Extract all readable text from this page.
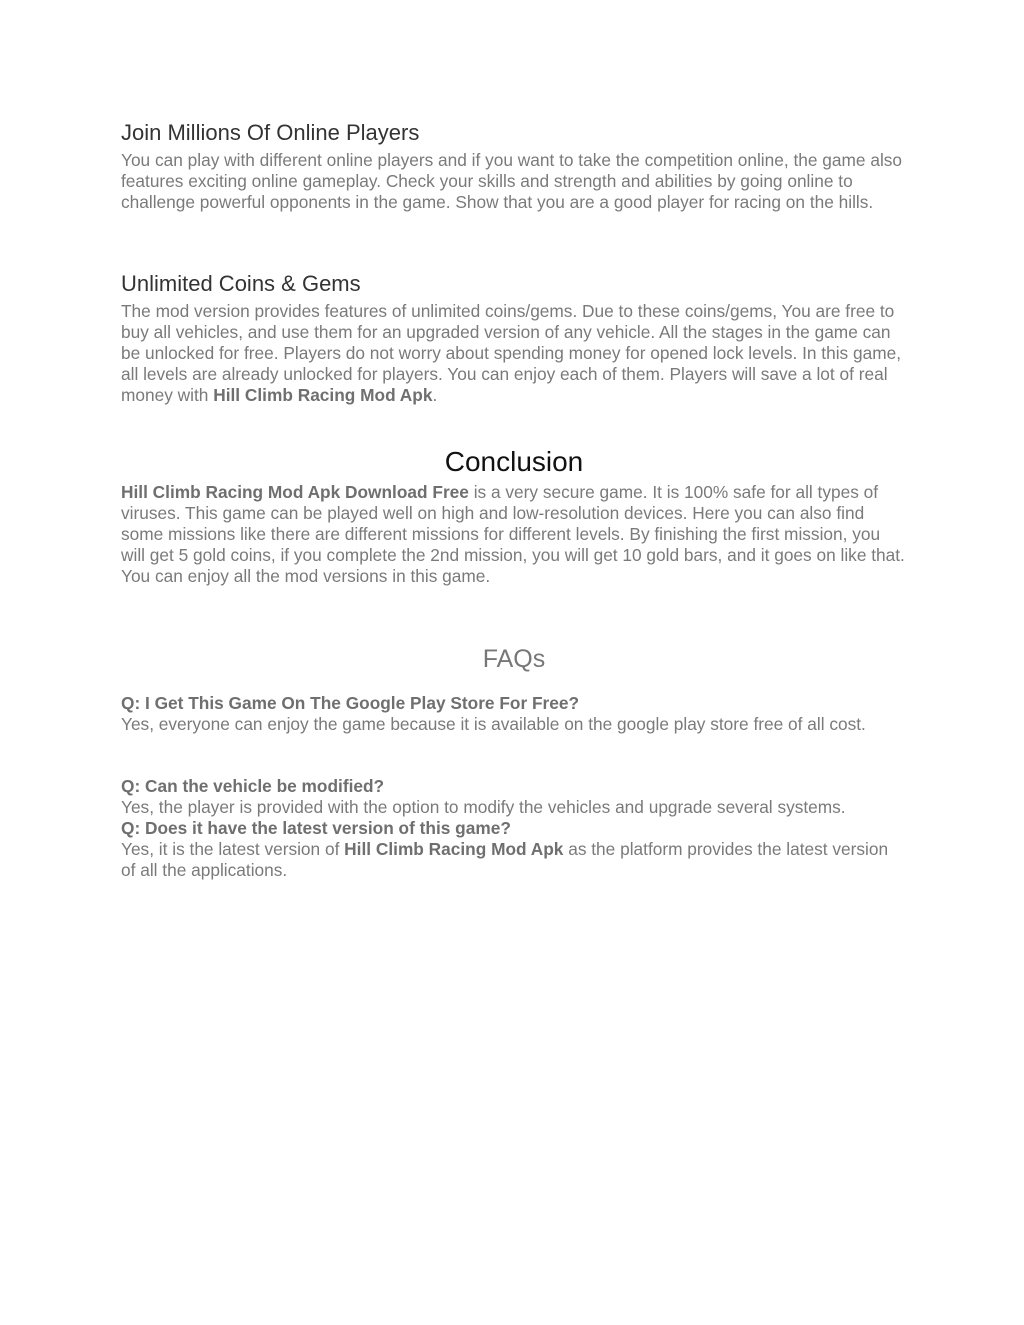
Join Millions Of Online Players

You can play with different online players and if you want to take the competition online, the game also features exciting online gameplay. Check your skills and strength and abilities by going online to challenge powerful opponents in the game. Show that you are a good player for racing on the hills.

Unlimited Coins & Gems

The mod version provides features of unlimited coins/gems. Due to these coins/gems, You are free to buy all vehicles, and use them for an upgraded version of any vehicle. All the stages in the game can be unlocked for free. Players do not worry about spending money for opened lock levels. In this game, all levels are already unlocked for players. You can enjoy each of them. Players will save a lot of real money with Hill Climb Racing Mod Apk.

Conclusion

Hill Climb Racing Mod Apk Download Free is a very secure game. It is 100% safe for all types of viruses. This game can be played well on high and low-resolution devices. Here you can also find some missions like there are different missions for different levels. By finishing the first mission, you will get 5 gold coins, if you complete the 2nd mission, you will get 10 gold bars, and it goes on like that. You can enjoy all the mod versions in this game.

FAQs

Q: I Get This Game On The Google Play Store For Free?

Yes, everyone can enjoy the game because it is available on the google play store free of all cost.

Q: Can the vehicle be modified?

Yes, the player is provided with the option to modify the vehicles and upgrade several systems.

Q: Does it have the latest version of this game?

Yes, it is the latest version of Hill Climb Racing Mod Apk as the platform provides the latest version of all the applications.
